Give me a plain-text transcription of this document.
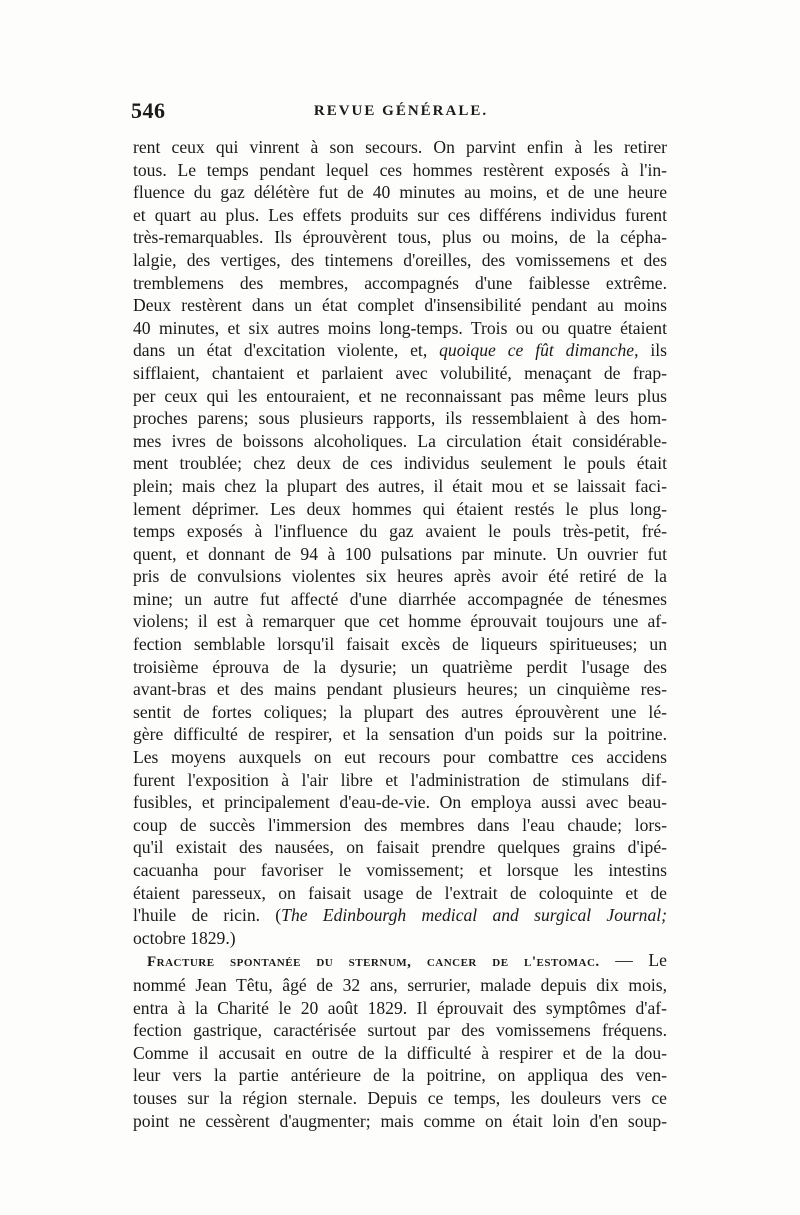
546	REVUE GÉNÉRALE.
rent ceux qui vinrent à son secours. On parvint enfin à les retirer
tous. Le temps pendant lequel ces hommes restèrent exposés à l'in-
fluence du gaz délétère fut de 40 minutes au moins, et de une heure
et quart au plus. Les effets produits sur ces différens individus furent
très-remarquables. Ils éprouvèrent tous, plus ou moins, de la cépha-
lalgie, des vertiges, des tintemens d'oreilles, des vomissemens et des
tremblemens des membres, accompagnés d'une faiblesse extrême.
Deux restèrent dans un état complet d'insensibilité pendant au moins
40 minutes, et six autres moins long-temps. Trois ou ou quatre étaient
dans un état d'excitation violente, et, quoique ce fût dimanche, ils
sifflaient, chantaient et parlaient avec volubilité, menaçant de frap-
per ceux qui les entouraient, et ne reconnaissant pas même leurs plus
proches parens; sous plusieurs rapports, ils ressemblaient à des hom-
mes ivres de boissons alcoholiques. La circulation était considérable-
ment troublée; chez deux de ces individus seulement le pouls était
plein; mais chez la plupart des autres, il était mou et se laissait faci-
lement déprimer. Les deux hommes qui étaient restés le plus long-
temps exposés à l'influence du gaz avaient le pouls très-petit, fré-
quent, et donnant de 94 à 100 pulsations par minute. Un ouvrier fut
pris de convulsions violentes six heures après avoir été retiré de la
mine; un autre fut affecté d'une diarrhée accompagnée de ténesmes
violens; il est à remarquer que cet homme éprouvait toujours une af-
fection semblable lorsqu'il faisait excès de liqueurs spiritueuses; un
troisième éprouva de la dysurie; un quatrième perdit l'usage des
avant-bras et des mains pendant plusieurs heures; un cinquième res-
sentit de fortes coliques; la plupart des autres éprouvèrent une lé-
gère difficulté de respirer, et la sensation d'un poids sur la poitrine.
Les moyens auxquels on eut recours pour combattre ces accidens
furent l'exposition à l'air libre et l'administration de stimulans dif-
fusibles, et principalement d'eau-de-vie. On employa aussi avec beau-
coup de succès l'immersion des membres dans l'eau chaude; lors-
qu'il existait des nausées, on faisait prendre quelques grains d'ipé-
cacuanha pour favoriser le vomissement; et lorsque les intestins
étaient paresseux, on faisait usage de l'extrait de coloquinte et de
l'huile de ricin. (The Edinbourgh medical and surgical Journal;
octobre 1829.)
Fracture spontanée du sternum, cancer de l'estomac. — Le
nommé Jean Têtu, âgé de 32 ans, serrurier, malade depuis dix mois,
entra à la Charité le 20 août 1829. Il éprouvait des symptômes d'af-
fection gastrique, caractérisée surtout par des vomissemens fréquens.
Comme il accusait en outre de la difficulté à respirer et de la dou-
leur vers la partie antérieure de la poitrine, on appliqua des ven-
touses sur la région sternale. Depuis ce temps, les douleurs vers ce
point ne cessèrent d'augmenter; mais comme on était loin d'en soup-
